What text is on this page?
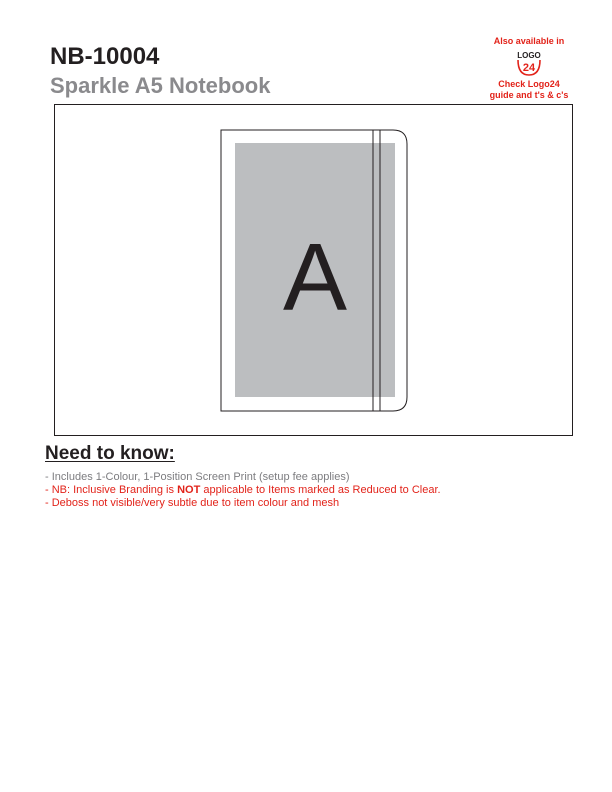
NB-10004
Sparkle A5 Notebook
Also available in
LOGO
24
Check Logo24
guide and t's & c's
A
Need to know:
- Includes 1-Colour, 1-Position Screen Print (setup fee applies)
- NB: Inclusive Branding is NOT applicable to Items marked as Reduced to Clear.
- Deboss not visible/very subtle due to item colour and mesh
